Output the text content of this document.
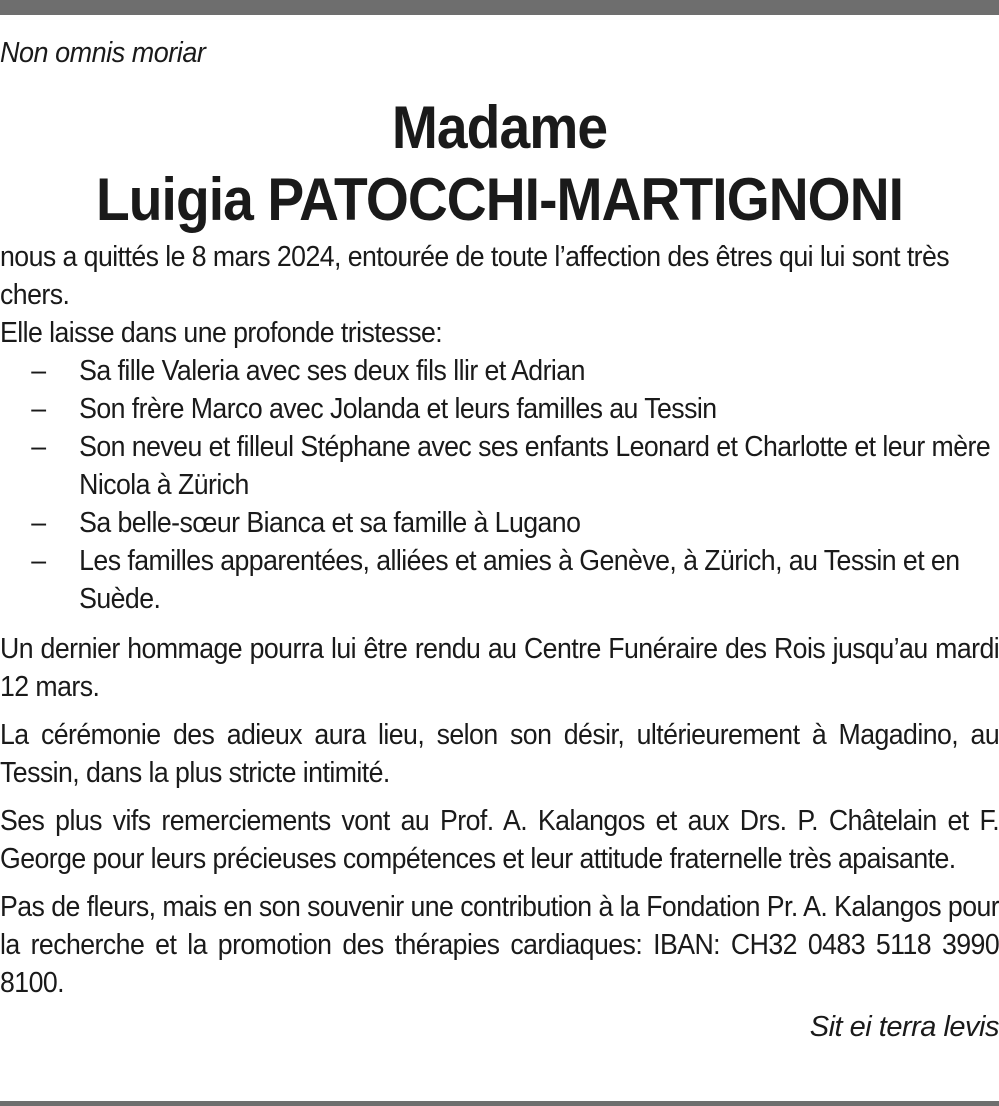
Non omnis moriar

Madame
Luigia PATOCCHI-MARTIGNONI

nous a quittés le 8 mars 2024, entourée de toute l’affection des êtres qui lui sont très chers.

Elle laisse dans une profonde tristesse:

– Sa fille Valeria avec ses deux fils llir et Adrian
– Son frère Marco avec Jolanda et leurs familles au Tessin
– Son neveu et filleul Stéphane avec ses enfants Leonard et Charlotte et leur mère Nicola à Zürich
– Sa belle-sœur Bianca et sa famille à Lugano
– Les familles apparentées, alliées et amies à Genève, à Zürich, au Tessin et en Suède.

Un dernier hommage pourra lui être rendu au Centre Funéraire des Rois jusqu’au mardi 12 mars.

La cérémonie des adieux aura lieu, selon son désir, ultérieurement à Magadino, au Tessin, dans la plus stricte intimité.

Ses plus vifs remerciements vont au Prof. A. Kalangos et aux Drs. P. Châtelain et F. George pour leurs précieuses compétences et leur attitude fraternelle très apaisante.

Pas de fleurs, mais en son souvenir une contribution à la Fondation Pr. A. Kalangos pour la recherche et la promotion des thérapies cardiaques: IBAN: CH32 0483 5118 3990 8100.

Sit ei terra levis
